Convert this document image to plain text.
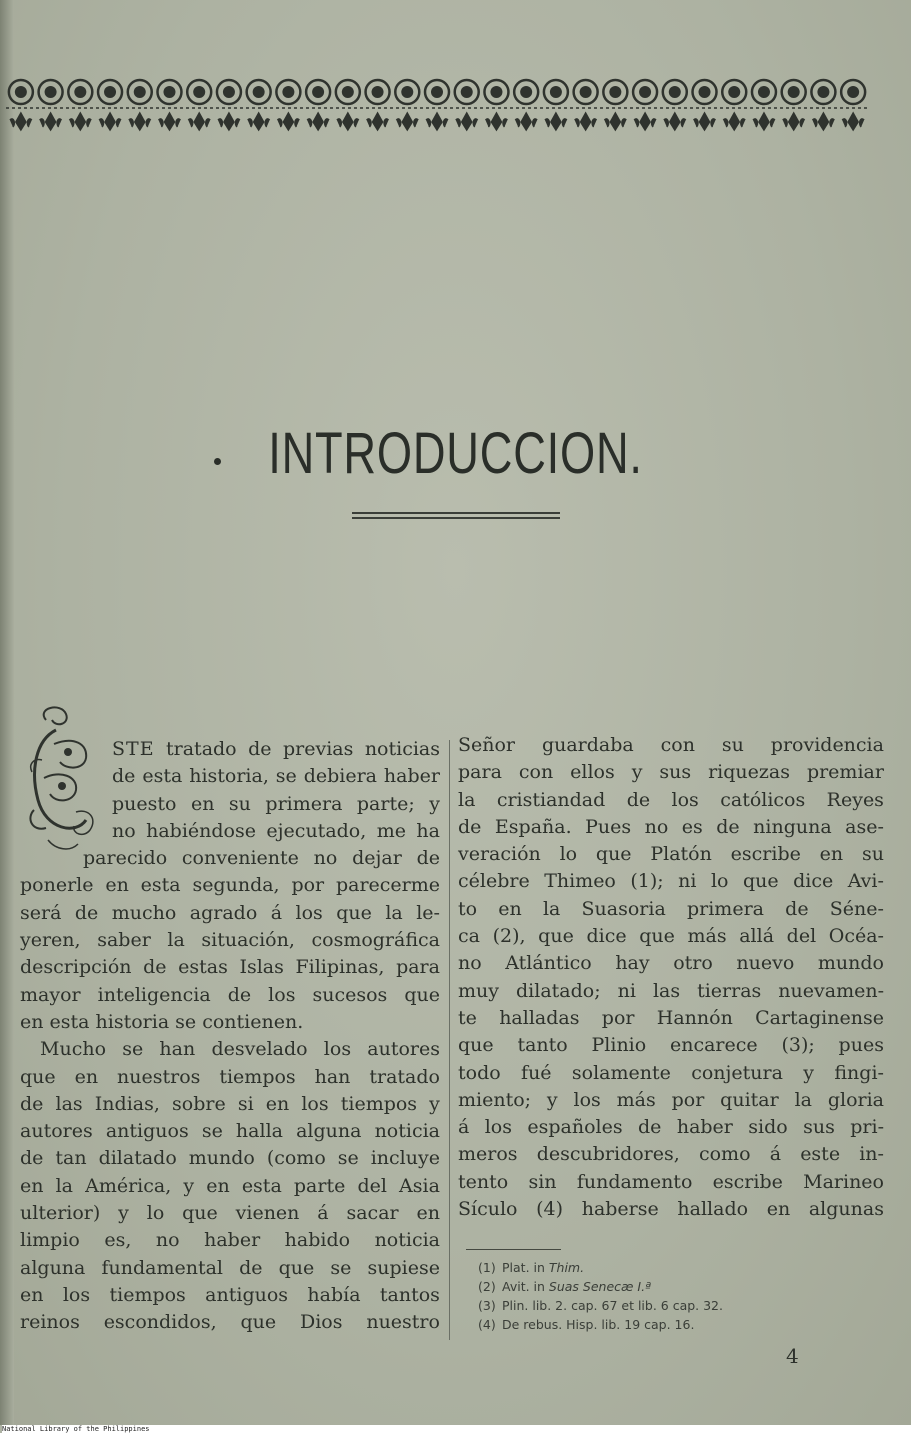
INTRODUCCION.
STE tratado de previas noticias
de esta historia, se debiera haber
puesto en su primera parte; y
no habiéndose ejecutado, me ha
parecido conveniente no dejar de
ponerle en esta segunda, por parecerme
será de mucho agrado á los que la le-
yeren, saber la situación, cosmográfica
descripción de estas Islas Filipinas, para
mayor inteligencia de los sucesos que
en esta historia se contienen.
Mucho se han desvelado los autores
que en nuestros tiempos han tratado
de las Indias, sobre si en los tiempos y
autores antiguos se halla alguna noticia
de tan dilatado mundo (como se incluye
en la América, y en esta parte del Asia
ulterior) y lo que vienen á sacar en
limpio es, no haber habido noticia
alguna fundamental de que se supiese
en los tiempos antiguos había tantos
reinos escondidos, que Dios nuestro
Señor guardaba con su providencia
para con ellos y sus riquezas premiar
la cristiandad de los católicos Reyes
de España. Pues no es de ninguna ase-
veración lo que Platón escribe en su
célebre Thimeo (1); ni lo que dice Avi-
to en la Suasoria primera de Séne-
ca (2), que dice que más allá del Océa-
no Atlántico hay otro nuevo mundo
muy dilatado; ni las tierras nuevamen-
te halladas por Hannón Cartaginense
que tanto Plinio encarece (3); pues
todo fué solamente conjetura y fingi-
miento; y los más por quitar la gloria
á los españoles de haber sido sus pri-
meros descubridores, como á este in-
tento sin fundamento escribe Marineo
Sículo (4) haberse hallado en algunas
(1) Plat. in Thim.
(2) Avit. in Suas Senecæ I.ª
(3) Plin. lib. 2. cap. 67 et lib. 6 cap. 32.
(4) De rebus. Hisp. lib. 19 cap. 16.
4
National Library of the Philippines
